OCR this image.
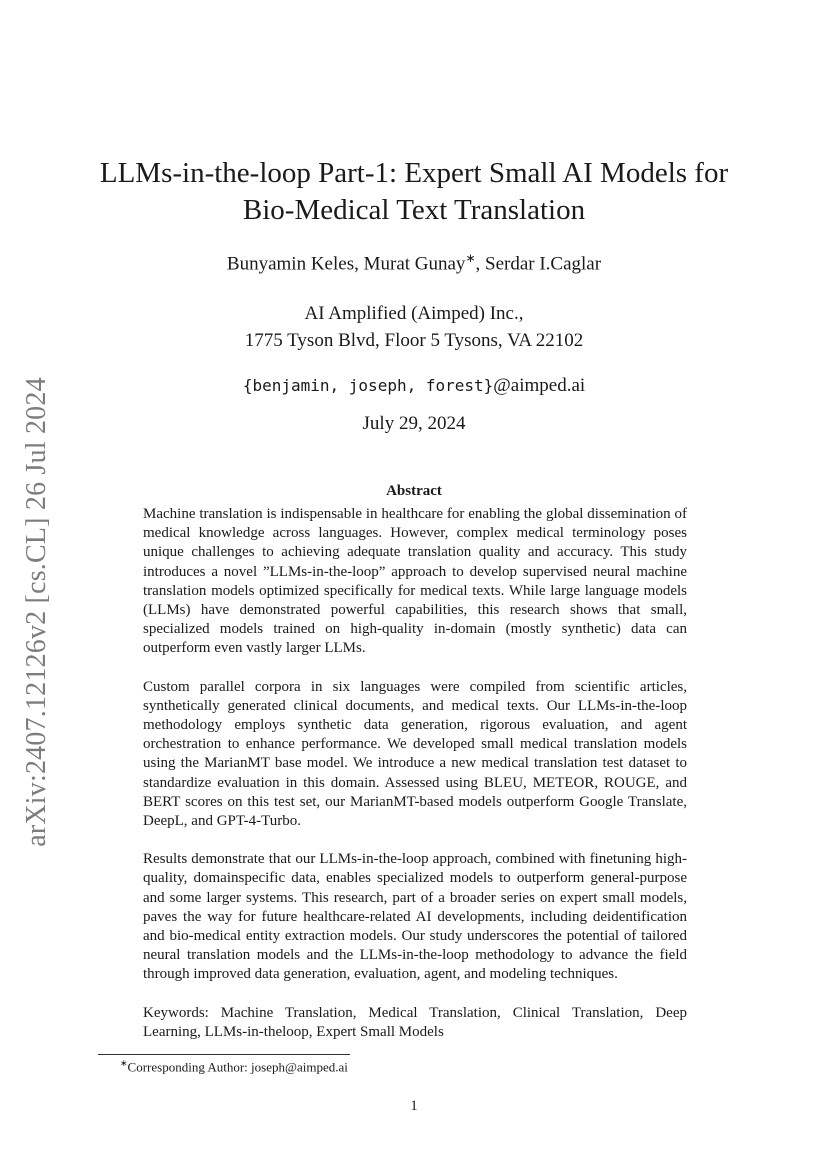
arXiv:2407.12126v2 [cs.CL] 26 Jul 2024
LLMs-in-the-loop Part-1: Expert Small AI Models for
Bio-Medical Text Translation
Bunyamin Keles, Murat Gunay∗, Serdar I.Caglar
AI Amplified (Aimped) Inc.,
1775 Tyson Blvd, Floor 5 Tysons, VA 22102
{benjamin, joseph, forest}@aimped.ai
July 29, 2024
Abstract

Machine translation is indispensable in healthcare for enabling the global dissemination of medical knowledge across languages. However, complex medical terminology poses unique challenges to achieving adequate translation quality and accuracy. This study introduces a novel ”LLMs-in-the-loop” approach to develop supervised neural machine translation models optimized specifically for medical texts. While large language models (LLMs) have demonstrated powerful capabilities, this research shows that small, specialized models trained on high-quality in-domain (mostly synthetic) data can outperform even vastly larger LLMs.

Custom parallel corpora in six languages were compiled from scientific articles, synthetically generated clinical documents, and medical texts. Our LLMs-in-the-loop methodology employs synthetic data generation, rigorous evaluation, and agent orchestration to enhance performance. We developed small medical translation models using the MarianMT base model. We introduce a new medical translation test dataset to standardize evaluation in this domain. Assessed using BLEU, METEOR, ROUGE, and BERT scores on this test set, our MarianMT-based models outperform Google Translate, DeepL, and GPT-4-Turbo.

Results demonstrate that our LLMs-in-the-loop approach, combined with finetuning high-quality, domainspecific data, enables specialized models to outperform general-purpose and some larger systems. This research, part of a broader series on expert small models, paves the way for future healthcare-related AI developments, including deidentification and bio-medical entity extraction models. Our study underscores the potential of tailored neural translation models and the LLMs-in-the-loop methodology to advance the field through improved data generation, evaluation, agent, and modeling techniques.

Keywords: Machine Translation, Medical Translation, Clinical Translation, Deep Learning, LLMs-in-theloop, Expert Small Models

∗Corresponding Author: joseph@aimped.ai
1
